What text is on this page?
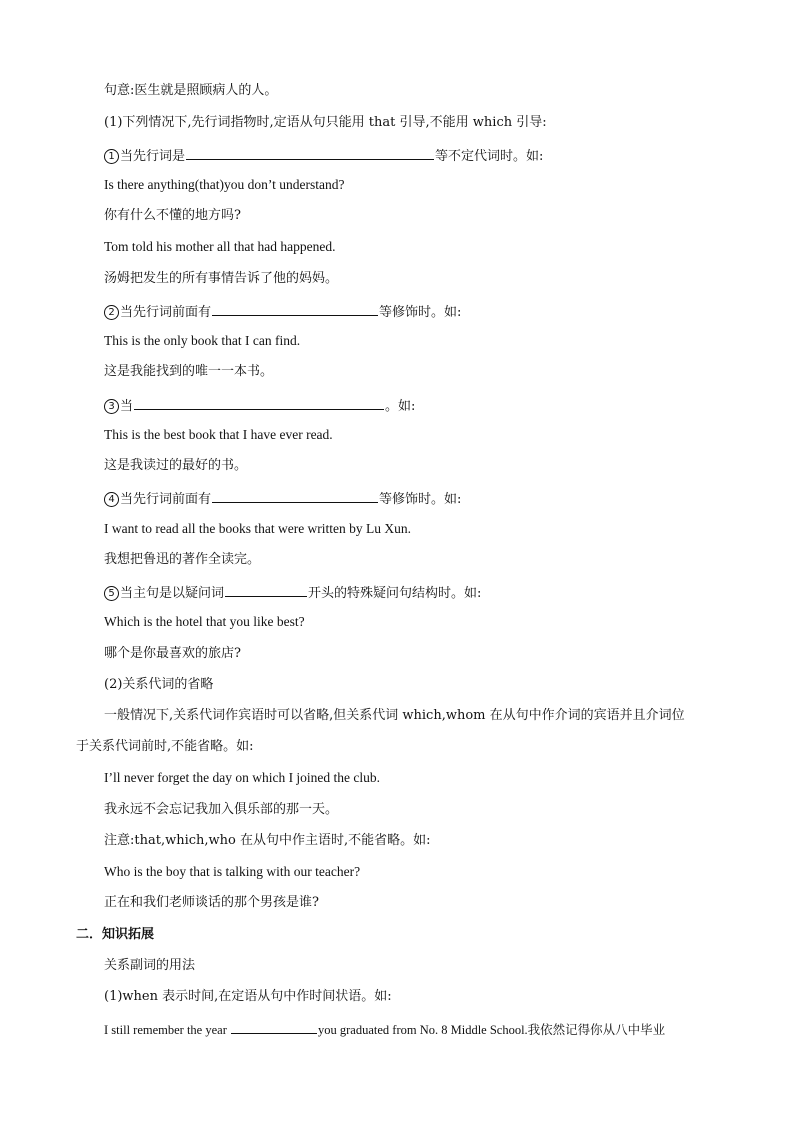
句意:医生就是照顾病人的人。
(1)下列情况下,先行词指物时,定语从句只能用 that 引导,不能用 which 引导:
1 当先行词是	等不定代词时。如:
Is there anything(that)you don’t understand?
你有什么不懂的地方吗?
Tom told his mother all that had happened.
汤姆把发生的所有事情告诉了他的妈妈。
2 当先行词前面有	等修饰时。如:
This is the only book that I can find.
这是我能找到的唯一一本书。
3 当	。如:
This is the best book that I have ever read.
这是我读过的最好的书。
4 当先行词前面有	等修饰时。如:
I want to read all the books that were written by Lu Xun.
我想把鲁迅的著作全读完。
5 当主句是以疑问词	开头的特殊疑问句结构时。如:
Which is the hotel that you like best?
哪个是你最喜欢的旅店?
(2)关系代词的省略
一般情况下,关系代词作宾语时可以省略,但关系代词 which,whom 在从句中作介词的宾语并且介词位
于关系代词前时,不能省略。如:
I’ll never forget the day on which I joined the club.
我永远不会忘记我加入俱乐部的那一天。
注意:that,which,who 在从句中作主语时,不能省略。如:
Who is the boy that is talking with our teacher?
正在和我们老师谈话的那个男孩是谁?
二．知识拓展
关系副词的用法
(1)when 表示时间,在定语从句中作时间状语。如:
I still remember the year	you graduated from No. 8 Middle School.我依然记得你从八中毕业
